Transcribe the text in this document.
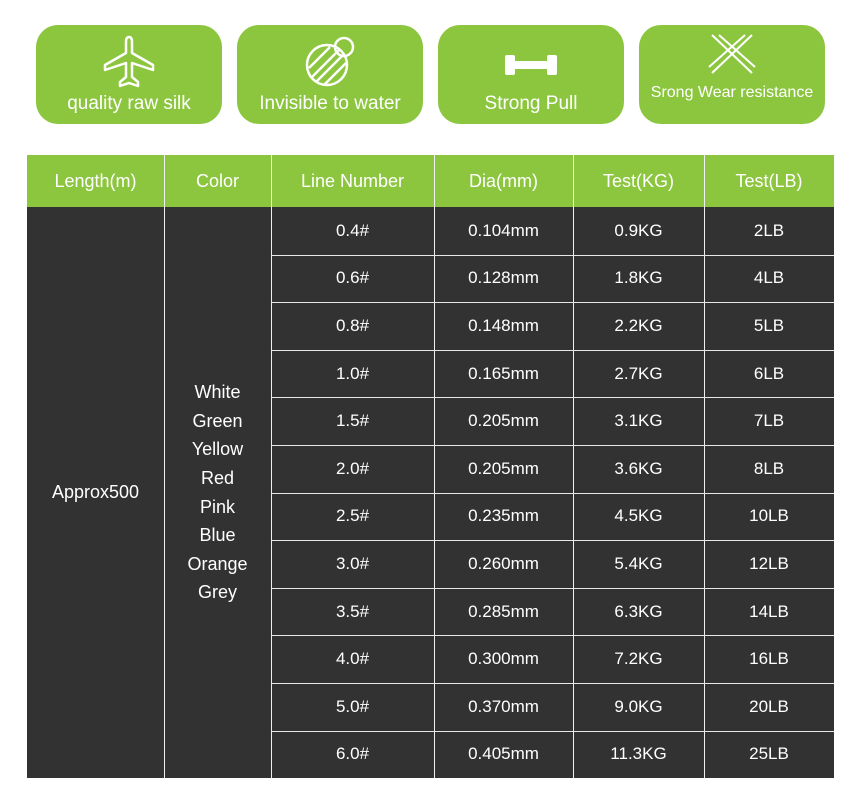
quality raw silk	Invisible to water	Strong Pull
Srong Wear resistance
Length(m)	Color	Line Number	Dia(mm)	Test(KG)	Test(LB)
Approx500
White
Green
Yellow
Red
Pink
Blue
Orange
Grey
0.4#	0.104mm	0.9KG	2LB
0.6#	0.128mm	1.8KG	4LB
0.8#	0.148mm	2.2KG	5LB
1.0#	0.165mm	2.7KG	6LB
1.5#	0.205mm	3.1KG	7LB
2.0#	0.205mm	3.6KG	8LB
2.5#	0.235mm	4.5KG	10LB
3.0#	0.260mm	5.4KG	12LB
3.5#	0.285mm	6.3KG	14LB
4.0#	0.300mm	7.2KG	16LB
5.0#	0.370mm	9.0KG	20LB
6.0#	0.405mm	11.3KG	25LB
